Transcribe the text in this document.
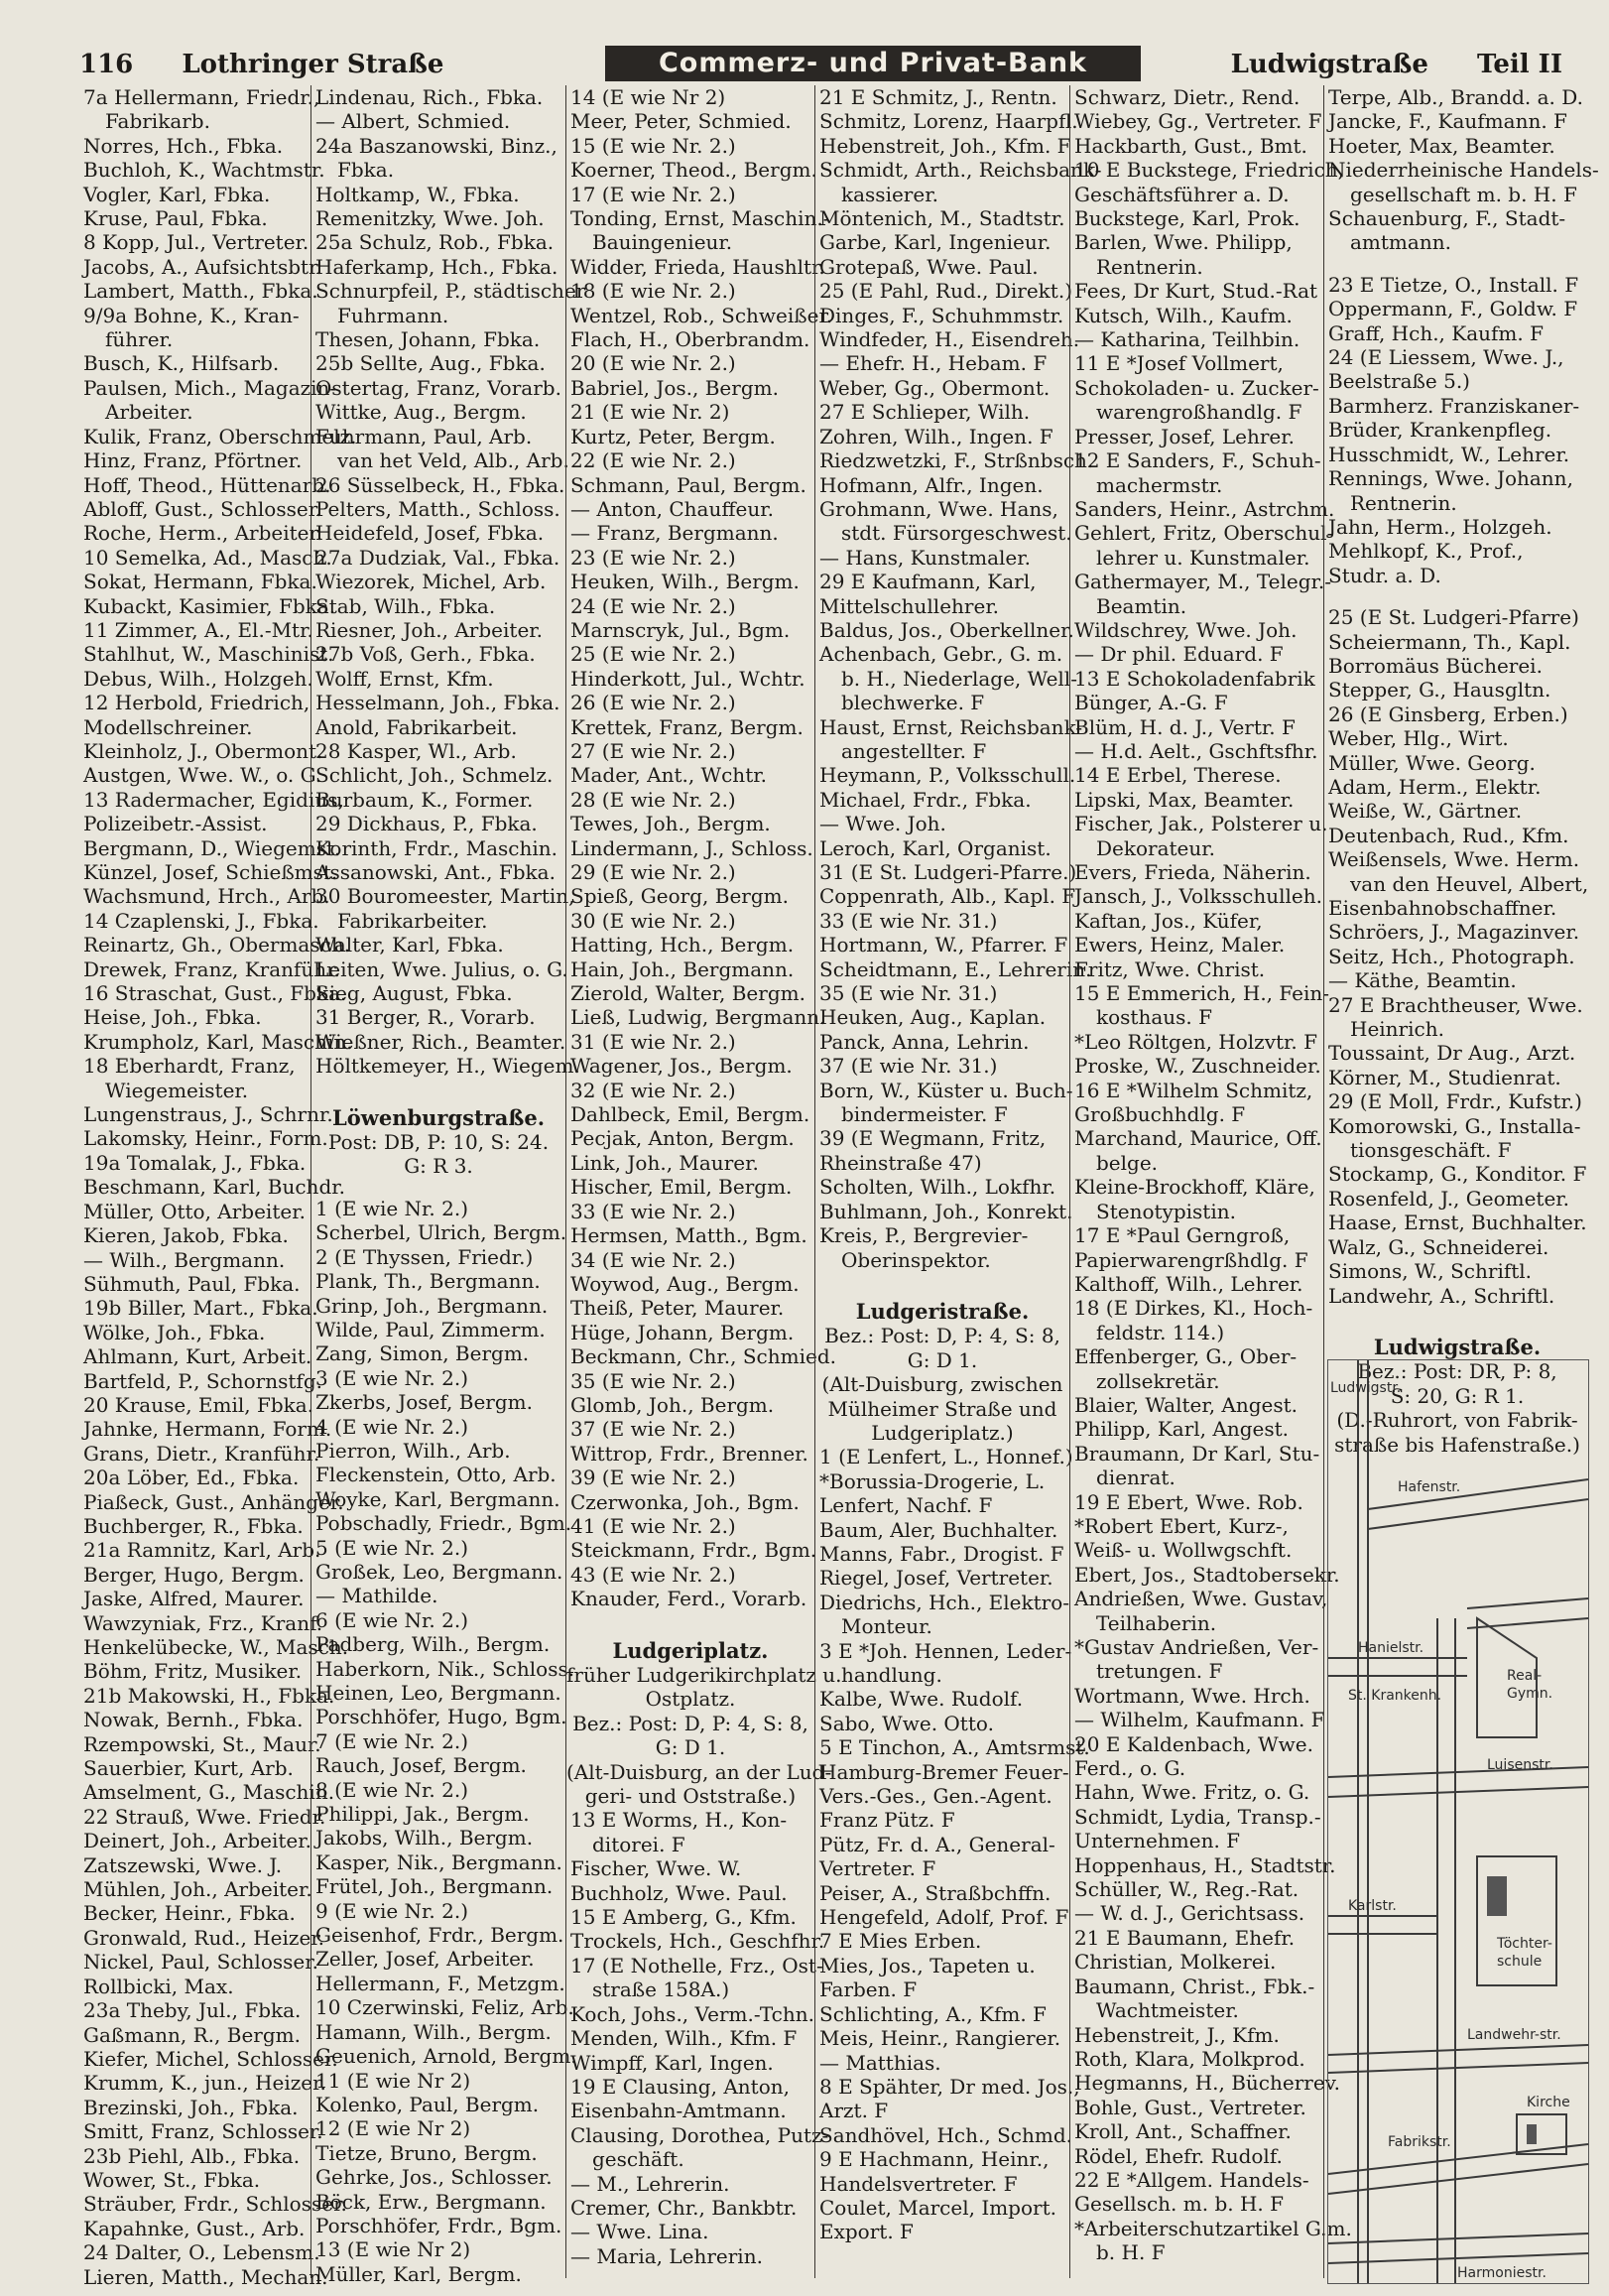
116 Lothringer Straße	Commerz- und Privat-Bank	Ludwigstraße Teil II
7a Hellermann, Friedr.,
Fabrikarb.
Norres, Hch., Fbka.
Buchloh, K., Wachtmstr.
Vogler, Karl, Fbka.
Kruse, Paul, Fbka.
8 Kopp, Jul., Vertreter.
Jacobs, A., Aufsichtsbtr.
Lambert, Matth., Fbka.
9/9a Bohne, K., Kran-
führer.
Busch, K., Hilfsarb.
Paulsen, Mich., Magazin-
Arbeiter.
Kulik, Franz, Oberschmelz.
Hinz, Franz, Pförtner.
Hoff, Theod., Hüttenarb.
Abloff, Gust., Schlosser.
Roche, Herm., Arbeiter.
10 Semelka, Ad., Masch.
Sokat, Hermann, Fbka.
Kubackt, Kasimier, Fbka.
11 Zimmer, A., El.-Mtr.
Stahlhut, W., Maschinist.
Debus, Wilh., Holzgeh.
12 Herbold, Friedrich,
Modellschreiner.
Kleinholz, J., Obermont.
Austgen, Wwe. W., o. G.
13 Radermacher, Egidius,
Polizeibetr.-Assist.
Bergmann, D., Wiegemst.
Künzel, Josef, Schießmst.
Wachsmund, Hrch., Arb.
14 Czaplenski, J., Fbka.
Reinartz, Gh., Obermasch.
Drewek, Franz, Kranführ.
16 Straschat, Gust., Fbka.
Heise, Joh., Fbka.
Krumpholz, Karl, Maschin.
18 Eberhardt, Franz,
Wiegemeister.
Lungenstraus, J., Schrnr.
Lakomsky, Heinr., Form.
19a Tomalak, J., Fbka.
Beschmann, Karl, Buchdr.
Müller, Otto, Arbeiter.
Kieren, Jakob, Fbka.
— Wilh., Bergmann.
Sühmuth, Paul, Fbka.
19b Biller, Mart., Fbka.
Wölke, Joh., Fbka.
Ahlmann, Kurt, Arbeit.
Bartfeld, P., Schornstfg.
20 Krause, Emil, Fbka.
Jahnke, Hermann, Form.
Grans, Dietr., Kranführ.
20a Löber, Ed., Fbka.
Piaßeck, Gust., Anhänger.
Buchberger, R., Fbka.
21a Ramnitz, Karl, Arb.
Berger, Hugo, Bergm.
Jaske, Alfred, Maurer.
Wawzyniak, Frz., Kranf.
Henkelübecke, W., Masch.
Böhm, Fritz, Musiker.
21b Makowski, H., Fbka.
Nowak, Bernh., Fbka.
Rzempowski, St., Maur.
Sauerbier, Kurt, Arb.
Amselment, G., Maschin.
22 Strauß, Wwe. Friedr.
Deinert, Joh., Arbeiter.
Zatszewski, Wwe. J.
Mühlen, Joh., Arbeiter.
Becker, Heinr., Fbka.
Gronwald, Rud., Heizer.
Nickel, Paul, Schlosser.
Rollbicki, Max.
23a Theby, Jul., Fbka.
Gaßmann, R., Bergm.
Kiefer, Michel, Schlosser.
Krumm, K., jun., Heizer.
Brezinski, Joh., Fbka.
Smitt, Franz, Schlosser.
23b Piehl, Alb., Fbka.
Wower, St., Fbka.
Sträuber, Frdr., Schlosser.
Kapahnke, Gust., Arb.
24 Dalter, O., Lebensm.
Lieren, Matth., Mechan.
Lindenau, Rich., Fbka.
— Albert, Schmied.
24a Baszanowski, Binz.,
Fbka.
Holtkamp, W., Fbka.
Remenitzky, Wwe. Joh.
25a Schulz, Rob., Fbka.
Haferkamp, Hch., Fbka.
Schnurpfeil, P., städtischer
Fuhrmann.
Thesen, Johann, Fbka.
25b Sellte, Aug., Fbka.
Ostertag, Franz, Vorarb.
Wittke, Aug., Bergm.
Fuhrmann, Paul, Arb.
van het Veld, Alb., Arb.
26 Süsselbeck, H., Fbka.
Pelters, Matth., Schloss.
Heidefeld, Josef, Fbka.
27a Dudziak, Val., Fbka.
Wiezorek, Michel, Arb.
Stab, Wilh., Fbka.
Riesner, Joh., Arbeiter.
27b Voß, Gerh., Fbka.
Wolff, Ernst, Kfm.
Hesselmann, Joh., Fbka.
Anold, Fabrikarbeit.
28 Kasper, Wl., Arb.
Schlicht, Joh., Schmelz.
Burbaum, K., Former.
29 Dickhaus, P., Fbka.
Korinth, Frdr., Maschin.
Assanowski, Ant., Fbka.
30 Bouromeester, Martin,
Fabrikarbeiter.
Walter, Karl, Fbka.
Leiten, Wwe. Julius, o. G.
Sieg, August, Fbka.
31 Berger, R., Vorarb.
Wießner, Rich., Beamter.
Höltkemeyer, H., Wiegem.
Löwenburgstraße.
Post: DB, P: 10, S: 24.
G: R 3.
1 (E wie Nr. 2.)
Scherbel, Ulrich, Bergm.
2 (E Thyssen, Friedr.)
Plank, Th., Bergmann.
Grinp, Joh., Bergmann.
Wilde, Paul, Zimmerm.
Zang, Simon, Bergm.
3 (E wie Nr. 2.)
Zkerbs, Josef, Bergm.
4 (E wie Nr. 2.)
Pierron, Wilh., Arb.
Fleckenstein, Otto, Arb.
Woyke, Karl, Bergmann.
Pobschadly, Friedr., Bgm.
5 (E wie Nr. 2.)
Großek, Leo, Bergmann.
— Mathilde.
6 (E wie Nr. 2.)
Padberg, Wilh., Bergm.
Haberkorn, Nik., Schloss.
Heinen, Leo, Bergmann.
Porschhöfer, Hugo, Bgm.
7 (E wie Nr. 2.)
Rauch, Josef, Bergm.
8 (E wie Nr. 2.)
Philippi, Jak., Bergm.
Jakobs, Wilh., Bergm.
Kasper, Nik., Bergmann.
Frütel, Joh., Bergmann.
9 (E wie Nr. 2.)
Geisenhof, Frdr., Bergm.
Zeller, Josef, Arbeiter.
Hellermann, F., Metzgm.
10 Czerwinski, Feliz, Arb.
Hamann, Wilh., Bergm.
Geuenich, Arnold, Bergm.
11 (E wie Nr 2)
Kolenko, Paul, Bergm.
12 (E wie Nr 2)
Tietze, Bruno, Bergm.
Gehrke, Jos., Schlosser.
Böck, Erw., Bergmann.
Porschhöfer, Frdr., Bgm.
13 (E wie Nr 2)
Müller, Karl, Bergm.
14 (E wie Nr 2)
Meer, Peter, Schmied.
15 (E wie Nr. 2.)
Koerner, Theod., Bergm.
17 (E wie Nr. 2.)
Tonding, Ernst, Maschin.-
Bauingenieur.
Widder, Frieda, Haushltr.
18 (E wie Nr. 2.)
Wentzel, Rob., Schweißer.
Flach, H., Oberbrandm.
20 (E wie Nr. 2.)
Babriel, Jos., Bergm.
21 (E wie Nr. 2)
Kurtz, Peter, Bergm.
22 (E wie Nr. 2.)
Schmann, Paul, Bergm.
— Anton, Chauffeur.
— Franz, Bergmann.
23 (E wie Nr. 2.)
Heuken, Wilh., Bergm.
24 (E wie Nr. 2.)
Marnscryk, Jul., Bgm.
25 (E wie Nr. 2.)
Hinderkott, Jul., Wchtr.
26 (E wie Nr. 2.)
Krettek, Franz, Bergm.
27 (E wie Nr. 2.)
Mader, Ant., Wchtr.
28 (E wie Nr. 2.)
Tewes, Joh., Bergm.
Lindermann, J., Schloss.
29 (E wie Nr. 2.)
Spieß, Georg, Bergm.
30 (E wie Nr. 2.)
Hatting, Hch., Bergm.
Hain, Joh., Bergmann.
Zierold, Walter, Bergm.
Ließ, Ludwig, Bergmann.
31 (E wie Nr. 2.)
Wagener, Jos., Bergm.
32 (E wie Nr. 2.)
Dahlbeck, Emil, Bergm.
Pecjak, Anton, Bergm.
Link, Joh., Maurer.
Hischer, Emil, Bergm.
33 (E wie Nr. 2.)
Hermsen, Matth., Bgm.
34 (E wie Nr. 2.)
Woywod, Aug., Bergm.
Theiß, Peter, Maurer.
Hüge, Johann, Bergm.
Beckmann, Chr., Schmied.
35 (E wie Nr. 2.)
Glomb, Joh., Bergm.
37 (E wie Nr. 2.)
Wittrop, Frdr., Brenner.
39 (E wie Nr. 2.)
Czerwonka, Joh., Bgm.
41 (E wie Nr. 2.)
Steickmann, Frdr., Bgm.
43 (E wie Nr. 2.)
Knauder, Ferd., Vorarb.
Ludgeriplatz.
früher Ludgerikirchplatz u.
Ostplatz.
Bez.: Post: D, P: 4, S: 8,
G: D 1.
(Alt-Duisburg, an der Lud-
geri- und Oststraße.)
13 E Worms, H., Kon-
ditorei. F
Fischer, Wwe. W.
Buchholz, Wwe. Paul.
15 E Amberg, G., Kfm.
Trockels, Hch., Geschfhr.
17 (E Nothelle, Frz., Ost-
straße 158A.)
Koch, Johs., Verm.-Tchn.
Menden, Wilh., Kfm. F
Wimpff, Karl, Ingen.
19 E Clausing, Anton,
Eisenbahn-Amtmann.
Clausing, Dorothea, Putz-
geschäft.
— M., Lehrerin.
Cremer, Chr., Bankbtr.
— Wwe. Lina.
— Maria, Lehrerin.
21 E Schmitz, J., Rentn.
Schmitz, Lorenz, Haarpfl.
Hebenstreit, Joh., Kfm. F
Schmidt, Arth., Reichsbank-
kassierer.
Möntenich, M., Stadtstr.
Garbe, Karl, Ingenieur.
Grotepaß, Wwe. Paul.
25 (E Pahl, Rud., Direkt.)
Dinges, F., Schuhmmstr.
Windfeder, H., Eisendreh.
— Ehefr. H., Hebam. F
Weber, Gg., Obermont.
27 E Schlieper, Wilh.
Zohren, Wilh., Ingen. F
Riedzwetzki, F., Strßnbsch.
Hofmann, Alfr., Ingen.
Grohmann, Wwe. Hans,
stdt. Fürsorgeschwest.
— Hans, Kunstmaler.
29 E Kaufmann, Karl,
Mittelschullehrer.
Baldus, Jos., Oberkellner.
Achenbach, Gebr., G. m.
b. H., Niederlage, Well-
blechwerke. F
Haust, Ernst, Reichsbank-
angestellter. F
Heymann, P., Volksschull.
Michael, Frdr., Fbka.
— Wwe. Joh.
Leroch, Karl, Organist.
31 (E St. Ludgeri-Pfarre.)
Coppenrath, Alb., Kapl. F
33 (E wie Nr. 31.)
Hortmann, W., Pfarrer. F
Scheidtmann, E., Lehrerin.
35 (E wie Nr. 31.)
Heuken, Aug., Kaplan.
Panck, Anna, Lehrin.
37 (E wie Nr. 31.)
Born, W., Küster u. Buch-
bindermeister. F
39 (E Wegmann, Fritz,
Rheinstraße 47)
Scholten, Wilh., Lokfhr.
Buhlmann, Joh., Konrekt.
Kreis, P., Bergrevier-
Oberinspektor.
Ludgeristraße.
Bez.: Post: D, P: 4, S: 8,
G: D 1.
(Alt-Duisburg, zwischen
Mülheimer Straße und
Ludgeriplatz.)
1 (E Lenfert, L., Honnef.)
*Borussia-Drogerie, L.
Lenfert, Nachf. F
Baum, Aler, Buchhalter.
Manns, Fabr., Drogist. F
Riegel, Josef, Vertreter.
Diedrichs, Hch., Elektro-
Monteur.
3 E *Joh. Hennen, Leder-
handlung.
Kalbe, Wwe. Rudolf.
Sabo, Wwe. Otto.
5 E Tinchon, A., Amtsrmst.
Hamburg-Bremer Feuer-
Vers.-Ges., Gen.-Agent.
Franz Pütz. F
Pütz, Fr. d. A., General-
Vertreter. F
Peiser, A., Straßbchffn.
Hengefeld, Adolf, Prof. F
7 E Mies Erben.
Mies, Jos., Tapeten u.
Farben. F
Schlichting, A., Kfm. F
Meis, Heinr., Rangierer.
— Matthias.
8 E Spähter, Dr med. Jos.,
Arzt. F
Sandhövel, Hch., Schmd.
9 E Hachmann, Heinr.,
Handelsvertreter. F
Coulet, Marcel, Import.
Export. F
Schwarz, Dietr., Rend.
Wiebey, Gg., Vertreter. F
Hackbarth, Gust., Bmt.
10 E Buckstege, Friedrich,
Geschäftsführer a. D.
Buckstege, Karl, Prok.
Barlen, Wwe. Philipp,
Rentnerin.
Fees, Dr Kurt, Stud.-Rat
Kutsch, Wilh., Kaufm.
— Katharina, Teilhbin.
11 E *Josef Vollmert,
Schokoladen- u. Zucker-
warengroßhandlg. F
Presser, Josef, Lehrer.
12 E Sanders, F., Schuh-
machermstr.
Sanders, Heinr., Astrchm.
Gehlert, Fritz, Oberschul-
lehrer u. Kunstmaler.
Gathermayer, M., Telegr.-
Beamtin.
Wildschrey, Wwe. Joh.
— Dr phil. Eduard. F
13 E Schokoladenfabrik
Bünger, A.-G. F
Blüm, H. d. J., Vertr. F
— H.d. Aelt., Gschftsfhr.
14 E Erbel, Therese.
Lipski, Max, Beamter.
Fischer, Jak., Polsterer u.
Dekorateur.
Evers, Frieda, Näherin.
Jansch, J., Volksschulleh.
Kaftan, Jos., Küfer,
Ewers, Heinz, Maler.
Fritz, Wwe. Christ.
15 E Emmerich, H., Fein-
kosthaus. F
*Leo Röltgen, Holzvtr. F
Proske, W., Zuschneider.
16 E *Wilhelm Schmitz,
Großbuchhdlg. F
Marchand, Maurice, Off.
belge.
Kleine-Brockhoff, Kläre,
Stenotypistin.
17 E *Paul Gerngroß,
Papierwarengrßhdlg. F
Kalthoff, Wilh., Lehrer.
18 (E Dirkes, Kl., Hoch-
feldstr. 114.)
Effenberger, G., Ober-
zollsekretär.
Blaier, Walter, Angest.
Philipp, Karl, Angest.
Braumann, Dr Karl, Stu-
dienrat.
19 E Ebert, Wwe. Rob.
*Robert Ebert, Kurz-,
Weiß- u. Wollwgschft.
Ebert, Jos., Stadtobersekr.
Andrießen, Wwe. Gustav,
Teilhaberin.
*Gustav Andrießen, Ver-
tretungen. F
Wortmann, Wwe. Hrch.
— Wilhelm, Kaufmann. F
20 E Kaldenbach, Wwe.
Ferd., o. G.
Hahn, Wwe. Fritz, o. G.
Schmidt, Lydia, Transp.-
Unternehmen. F
Hoppenhaus, H., Stadtstr.
Schüller, W., Reg.-Rat.
— W. d. J., Gerichtsass.
21 E Baumann, Ehefr.
Christian, Molkerei.
Baumann, Christ., Fbk.-
Wachtmeister.
Hebenstreit, J., Kfm.
Roth, Klara, Molkprod.
Hegmanns, H., Bücherrev.
Bohle, Gust., Vertreter.
Kroll, Ant., Schaffner.
Rödel, Ehefr. Rudolf.
22 E *Allgem. Handels-
Gesellsch. m. b. H. F
*Arbeiterschutzartikel G.m.
b. H. F
Terpe, Alb., Brandd. a. D.
Jancke, F., Kaufmann. F
Hoeter, Max, Beamter.
Niederrheinische Handels-
gesellschaft m. b. H. F
Schauenburg, F., Stadt-
amtmann.
23 E Tietze, O., Install. F
Oppermann, F., Goldw. F
Graff, Hch., Kaufm. F
24 (E Liessem, Wwe. J.,
Beelstraße 5.)
Barmherz. Franziskaner-
Brüder, Krankenpfleg.
Husschmidt, W., Lehrer.
Rennings, Wwe. Johann,
Rentnerin.
Jahn, Herm., Holzgeh.
Mehlkopf, K., Prof.,
Studr. a. D.
25 (E St. Ludgeri-Pfarre)
Scheiermann, Th., Kapl.
Borromäus Bücherei.
Stepper, G., Hausgltn.
26 (E Ginsberg, Erben.)
Weber, Hlg., Wirt.
Müller, Wwe. Georg.
Adam, Herm., Elektr.
Weiße, W., Gärtner.
Deutenbach, Rud., Kfm.
Weißensels, Wwe. Herm.
van den Heuvel, Albert,
Eisenbahnobschaffner.
Schröers, J., Magazinver.
Seitz, Hch., Photograph.
— Käthe, Beamtin.
27 E Brachtheuser, Wwe.
Heinrich.
Toussaint, Dr Aug., Arzt.
Körner, M., Studienrat.
29 (E Moll, Frdr., Kufstr.)
Komorowski, G., Installa-
tionsgeschäft. F
Stockamp, G., Konditor. F
Rosenfeld, J., Geometer.
Haase, Ernst, Buchhalter.
Walz, G., Schneiderei.
Simons, W., Schriftl.
Landwehr, A., Schriftl.
Ludwigstraße.
Bez.: Post: DR, P: 8,
S: 20, G: R 1.
(D.-Ruhrort, von Fabrik-
straße bis Hafenstraße.)
Hafenstr.
Hanielstr.
Real-
Gymn.
St. Krankenh.
Luisenstr.
Karlstr.
Töchter-
schule
Landwehr-str.
Fabrikstr.
Kirche
Harmoniestr.
Ludwigstr.
